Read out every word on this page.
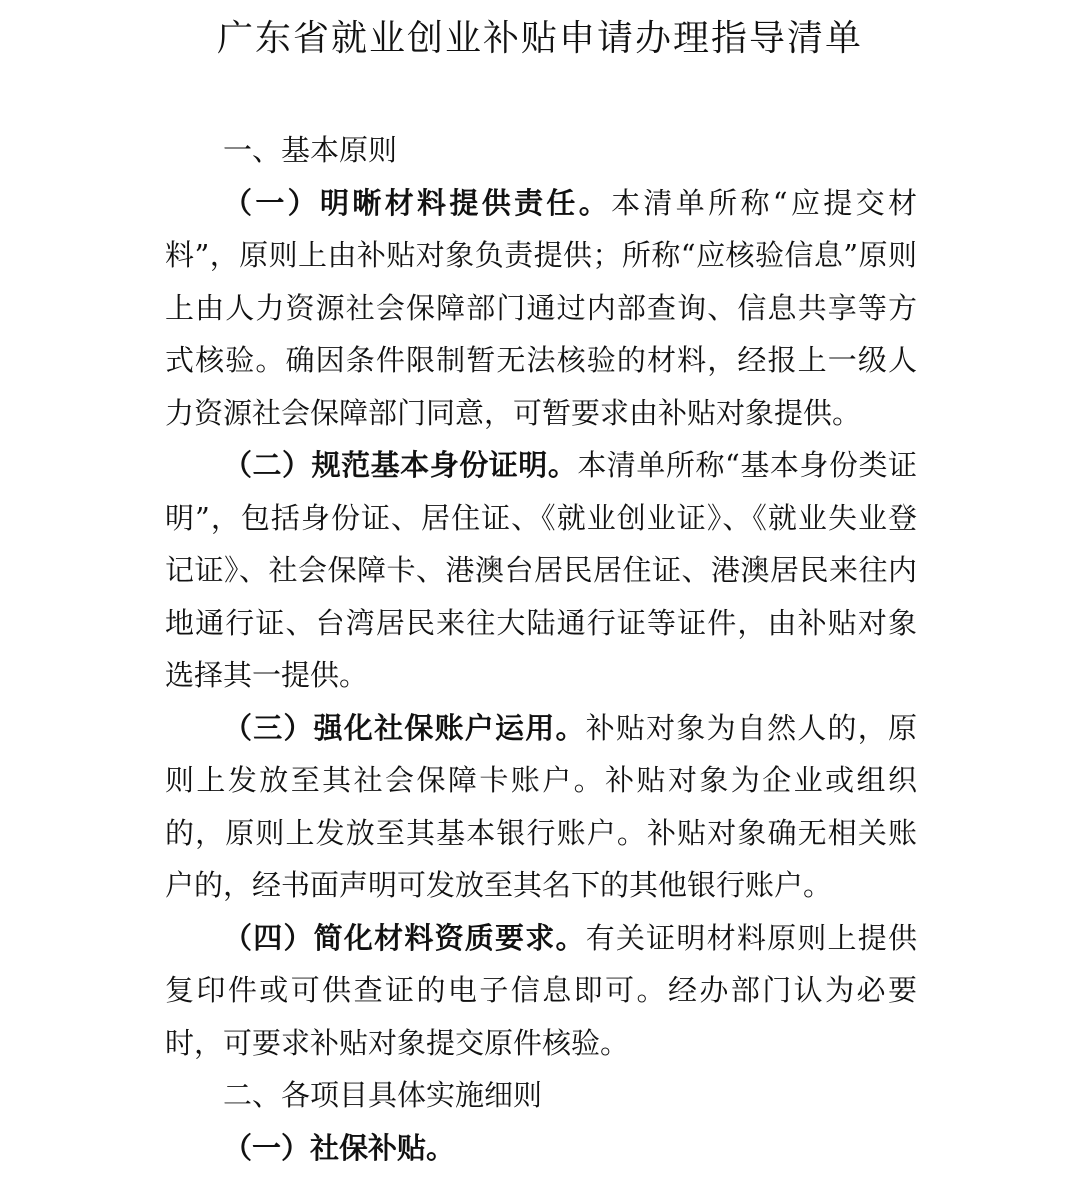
广东省就业创业补贴申请办理指导清单

一、基本原则

（一）明晰材料提供责任。本清单所称“应提交材料”，原则上由补贴对象负责提供；所称“应核验信息”原则上由人力资源社会保障部门通过内部查询、信息共享等方式核验。确因条件限制暂无法核验的材料，经报上一级人力资源社会保障部门同意，可暂要求由补贴对象提供。

（二）规范基本身份证明。本清单所称“基本身份类证明”，包括身份证、居住证、《就业创业证》、《就业失业登记证》、社会保障卡、港澳台居民居住证、港澳居民来往内地通行证、台湾居民来往大陆通行证等证件，由补贴对象选择其一提供。

（三）强化社保账户运用。补贴对象为自然人的，原则上发放至其社会保障卡账户。补贴对象为企业或组织的，原则上发放至其基本银行账户。补贴对象确无相关账户的，经书面声明可发放至其名下的其他银行账户。

（四）简化材料资质要求。有关证明材料原则上提供复印件或可供查证的电子信息即可。经办部门认为必要时，可要求补贴对象提交原件核验。

二、各项目具体实施细则

（一）社保补贴。
